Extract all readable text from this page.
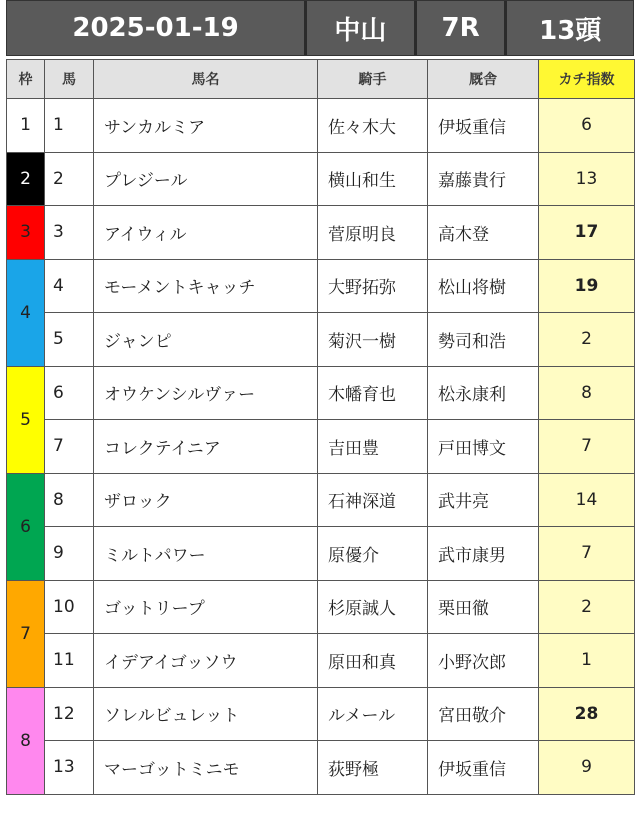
2025-01-19	中山	7R	13頭
枠	馬	馬名	騎手	厩舎	カチ指数
1	1	サンカルミア	佐々木大	伊坂重信	6
2	2	プレジール	横山和生	嘉藤貴行	13
3	3	アイウィル	菅原明良	高木登	17
4	4	モーメントキャッチ	大野拓弥	松山将樹	19
	5	ジャンピ	菊沢一樹	勢司和浩	2
5	6	オウケンシルヴァー	木幡育也	松永康利	8
	7	コレクテイニア	吉田豊	戸田博文	7
6	8	ザロック	石神深道	武井亮	14
	9	ミルトパワー	原優介	武市康男	7
7	10	ゴットリープ	杉原誠人	栗田徹	2
	11	イデアイゴッソウ	原田和真	小野次郎	1
8	12	ソレルビュレット	ルメール	宮田敬介	28
	13	マーゴットミニモ	荻野極	伊坂重信	9
